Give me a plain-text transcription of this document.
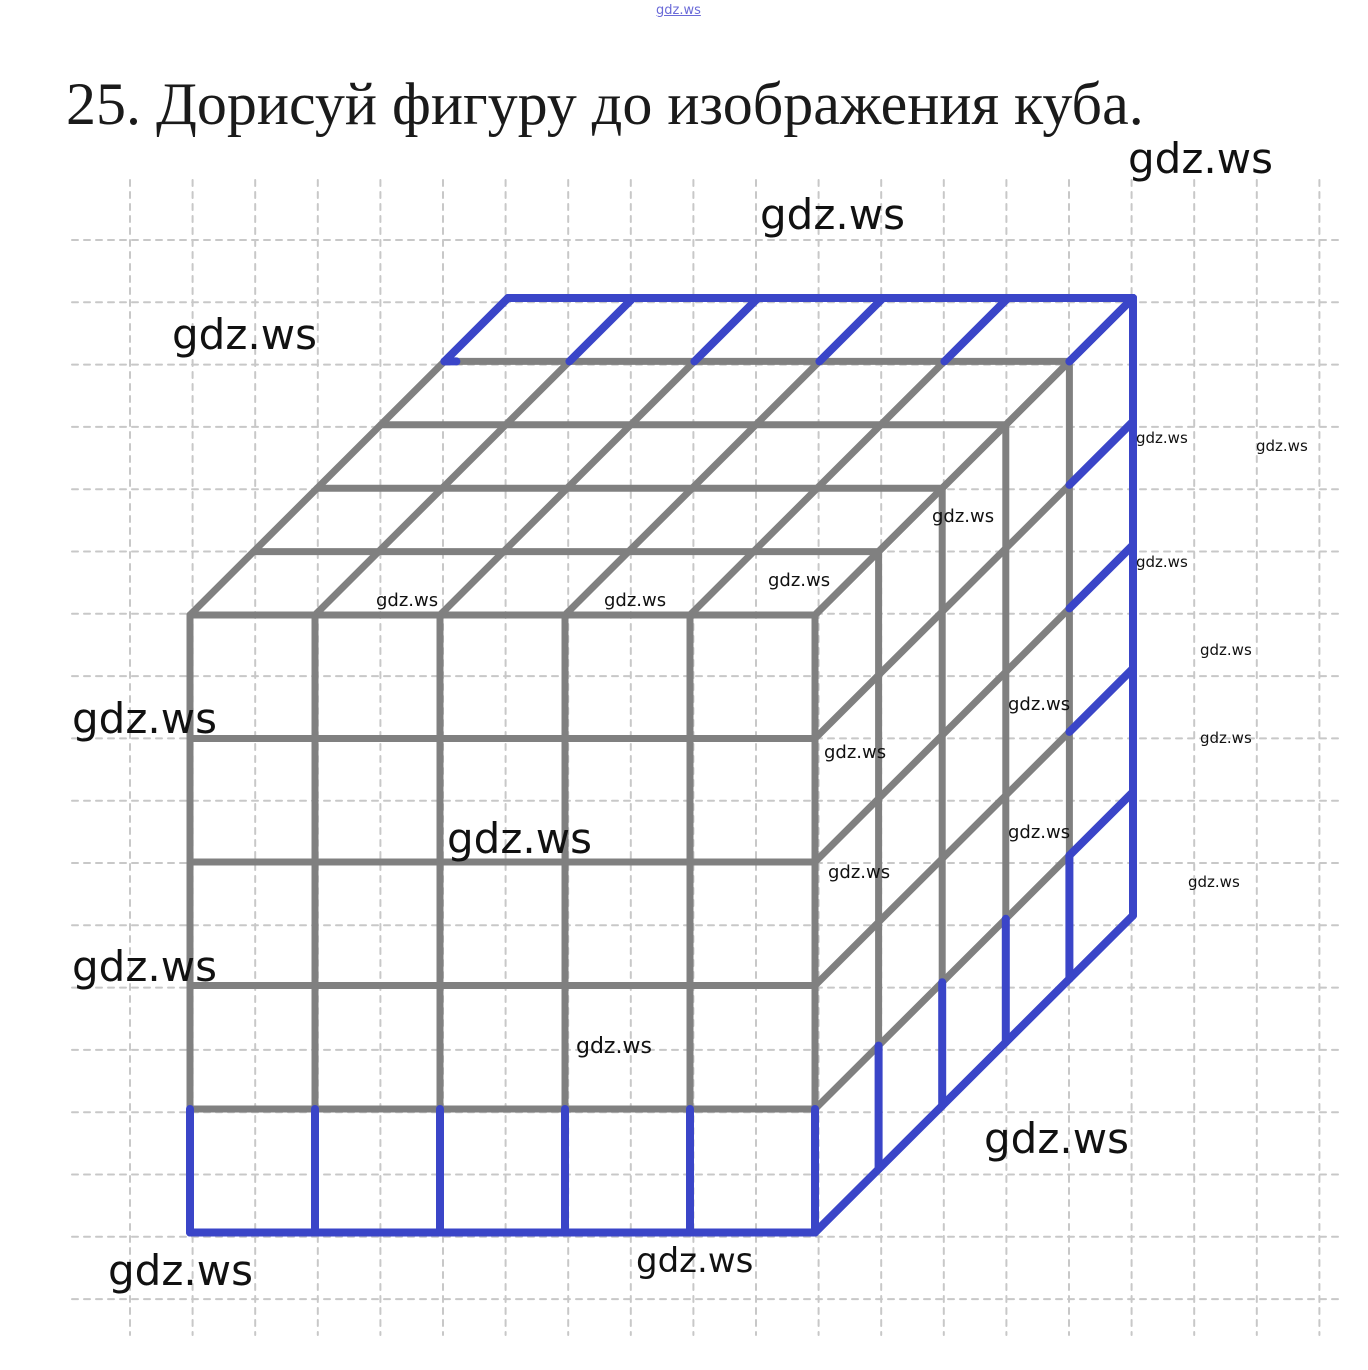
25. Дорисуй фигуру до изображения куба.
gdz.ws
gdz.ws
gdz.ws
gdz.ws
gdz.ws
gdz.ws
gdz.ws
gdz.ws
gdz.ws
gdz.ws	gdz.ws
gdz.ws
gdz.ws
gdz.ws
gdz.ws
gdz.ws
gdz.ws
gdz.ws
gdz.ws
gdz.ws	gdz.ws
gdz.ws
gdz.ws
gdz.ws
gdz.ws
